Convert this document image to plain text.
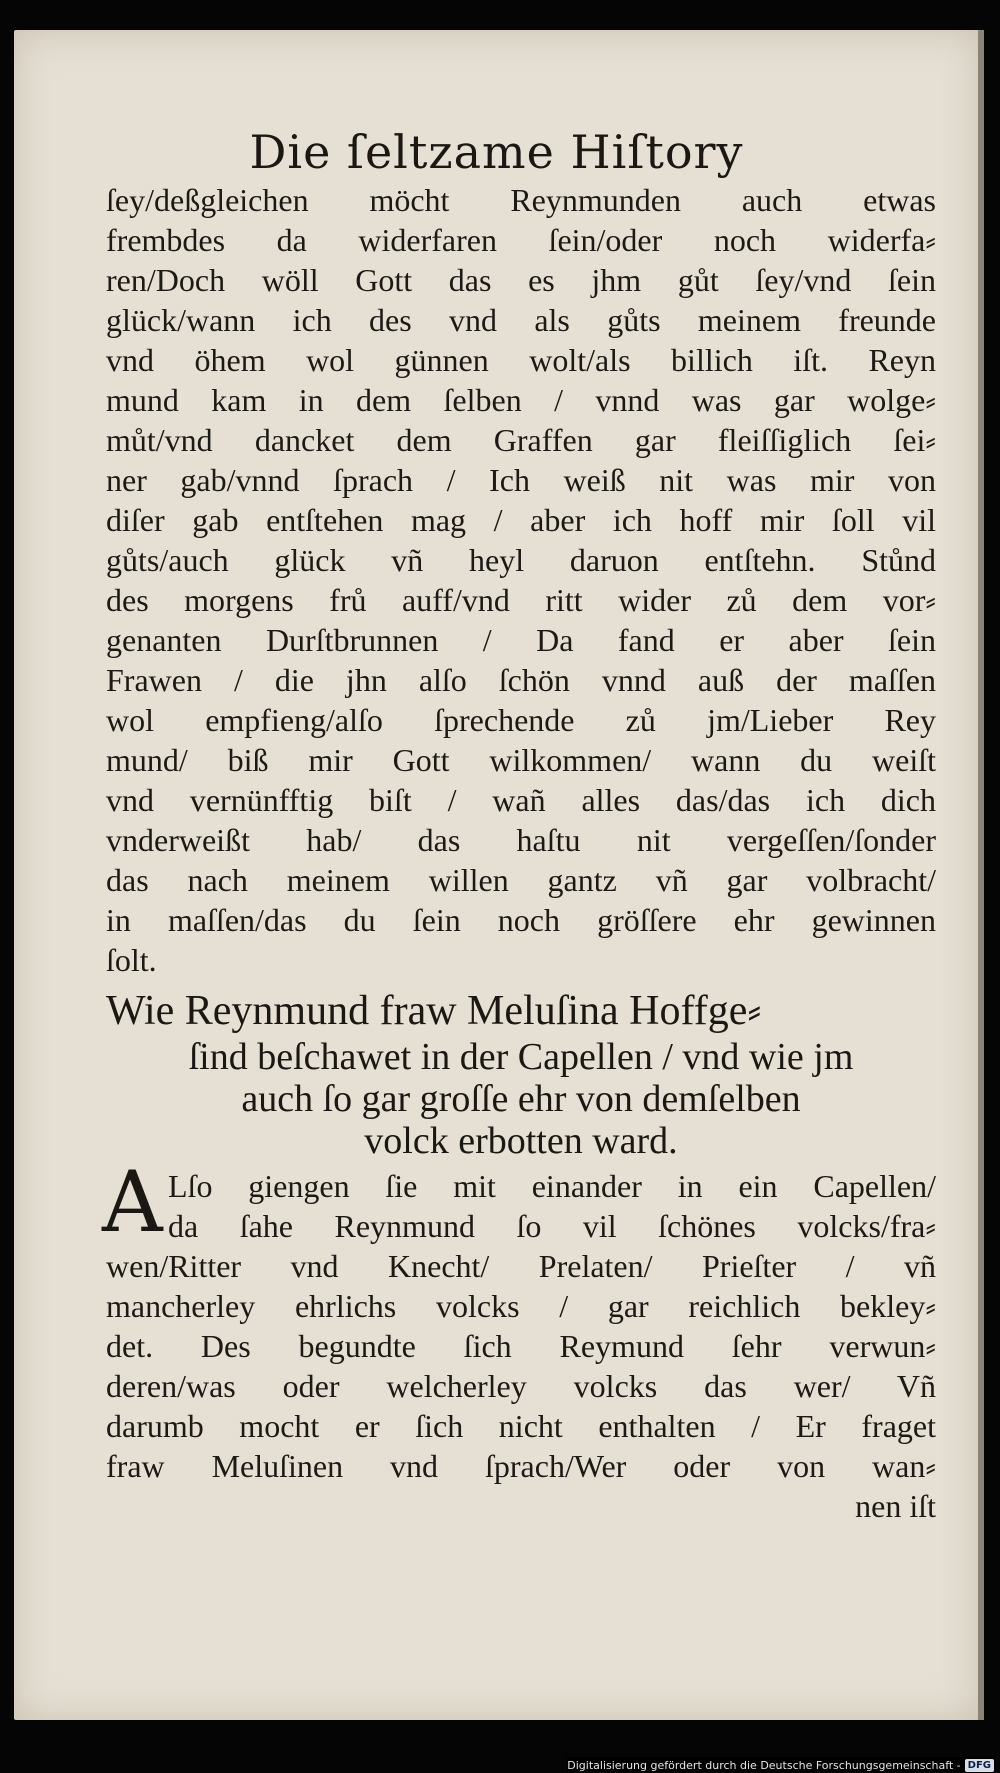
Die ſeltzame Hiſtory
ſey/deßgleichen möcht Reynmunden auch etwas
frembdes da widerfaren ſein/oder noch widerfa⸗
ren/Doch wöll Gott das es jhm gůt ſey/vnd ſein
glück/wann ich des vnd als gůts meinem freunde
vnd öhem wol günnen wolt/als billich iſt. Reyn
mund kam in dem ſelben / vnnd was gar wolge⸗
můt/vnd dancket dem Graffen gar fleiſſiglich ſei⸗
ner gab/vnnd ſprach / Ich weiß nit was mir von
diſer gab entſtehen mag / aber ich hoff mir ſoll vil
gůts/auch glück vñ heyl daruon entſtehn. Stůnd
des morgens frů auff/vnd ritt wider zů dem vor⸗
genanten Durſtbrunnen / Da fand er aber ſein
Frawen / die jhn alſo ſchön vnnd auß der maſſen
wol empfieng/alſo ſprechende zů jm/Lieber Rey
mund/ biß mir Gott wilkommen/ wann du weiſt
vnd vernünfftig biſt / wañ alles das/das ich dich
vnderweißt hab/ das haſtu nit vergeſſen/ſonder
das nach meinem willen gantz vñ gar volbracht/
in maſſen/das du ſein noch gröſſere ehr gewinnen
ſolt.
Wie Reynmund fraw Meluſina Hoffge⸗
ſind beſchawet in der Capellen / vnd wie jm
auch ſo gar groſſe ehr von demſelben
volck erbotten ward.
A Lſo giengen ſie mit einander in ein Capellen/
da ſahe Reynmund ſo vil ſchönes volcks/fra⸗
wen/Ritter vnd Knecht/ Prelaten/ Prieſter / vñ
mancherley ehrlichs volcks / gar reichlich bekley⸗
det. Des begundte ſich Reymund ſehr verwun⸗
deren/was oder welcherley volcks das wer/ Vñ
darumb mocht er ſich nicht enthalten / Er fraget
fraw Meluſinen vnd ſprach/Wer oder von wan⸗
nen iſt
Digitalisierung gefördert durch die Deutsche Forschungsgemeinschaft - DFG
